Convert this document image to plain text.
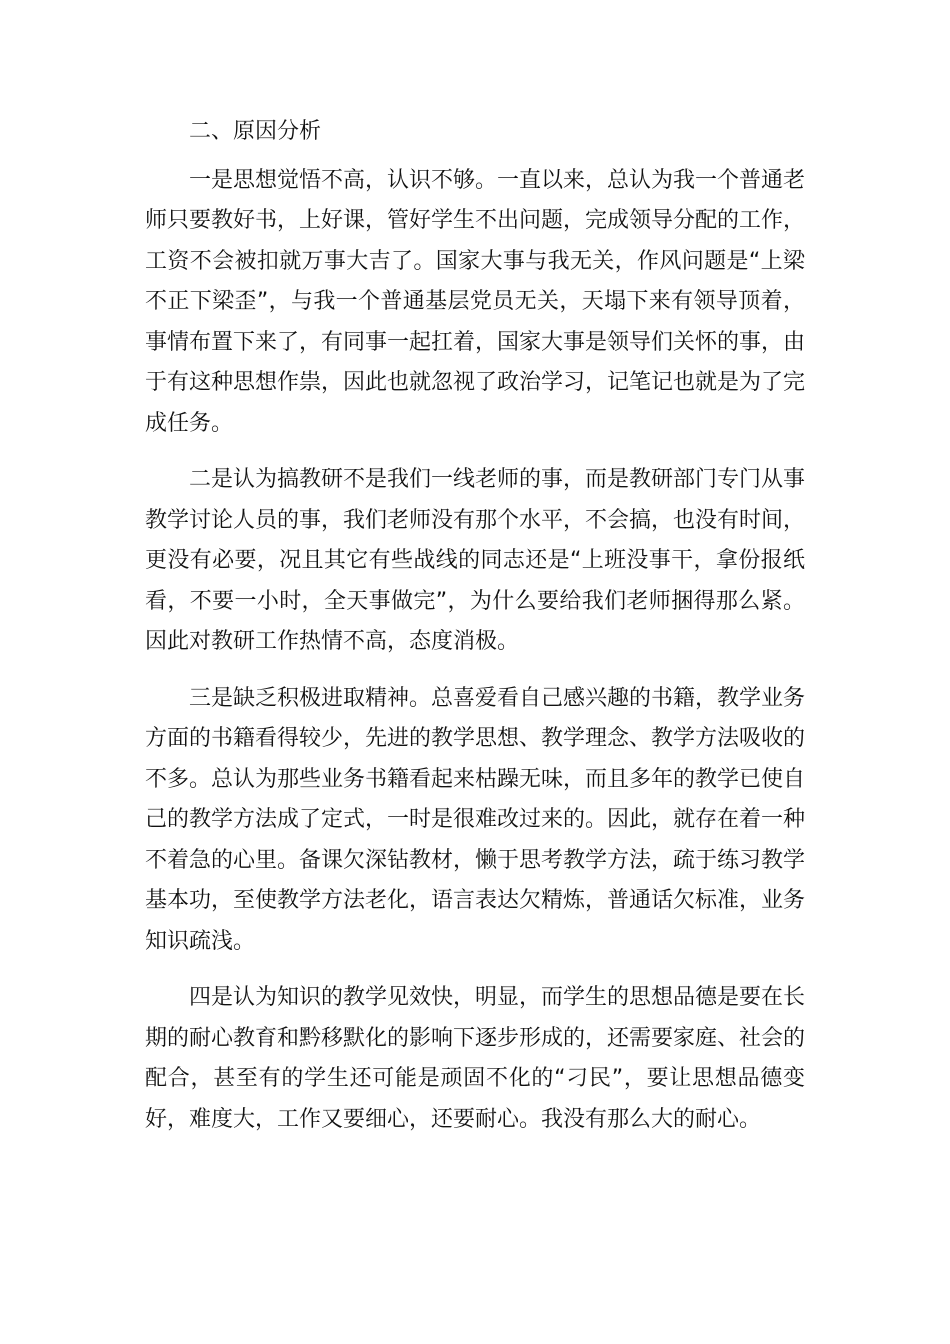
二、原因分析

一是思想觉悟不高，认识不够。一直以来，总认为我一个普通老师只要教好书，上好课，管好学生不出问题，完成领导分配的工作，工资不会被扣就万事大吉了。国家大事与我无关，作风问题是“上梁不正下梁歪”，与我一个普通基层党员无关，天塌下来有领导顶着，事情布置下来了，有同事一起扛着，国家大事是领导们关怀的事，由于有这种思想作祟，因此也就忽视了政治学习，记笔记也就是为了完成任务。

二是认为搞教研不是我们一线老师的事，而是教研部门专门从事教学讨论人员的事，我们老师没有那个水平，不会搞，也没有时间，更没有必要，况且其它有些战线的同志还是“上班没事干，拿份报纸看，不要一小时，全天事做完”，为什么要给我们老师捆得那么紧。因此对教研工作热情不高，态度消极。

三是缺乏积极进取精神。总喜爱看自己感兴趣的书籍，教学业务方面的书籍看得较少，先进的教学思想、教学理念、教学方法吸收的不多。总认为那些业务书籍看起来枯躁无味，而且多年的教学已使自己的教学方法成了定式，一时是很难改过来的。因此，就存在着一种不着急的心里。备课欠深钻教材，懒于思考教学方法，疏于练习教学基本功，至使教学方法老化，语言表达欠精炼，普通话欠标准，业务知识疏浅。

四是认为知识的教学见效快，明显，而学生的思想品德是要在长期的耐心教育和黔移默化的影响下逐步形成的，还需要家庭、社会的配合，甚至有的学生还可能是顽固不化的“刁民”，要让思想品德变好，难度大，工作又要细心，还要耐心。我没有那么大的耐心。
